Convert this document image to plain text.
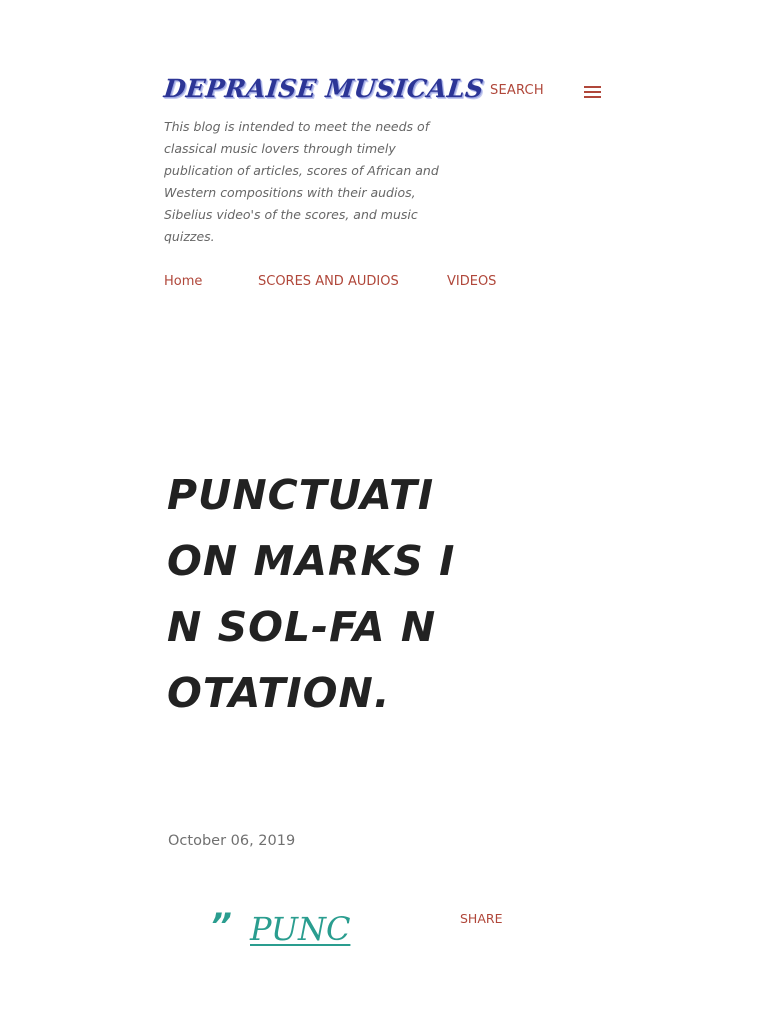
DEPRAISE MUSICALS SEARCH

This blog is intended to meet the needs of classical music lovers through timely publication of articles, scores of African and Western compositions with their audios, Sibelius video's of the scores, and music quizzes.

Home	SCORES AND AUDIOS	VIDEOS
PUNCTUATION MARKS IN SOL-FA NOTATION.
October 06, 2019
” PUNC	SHARE
